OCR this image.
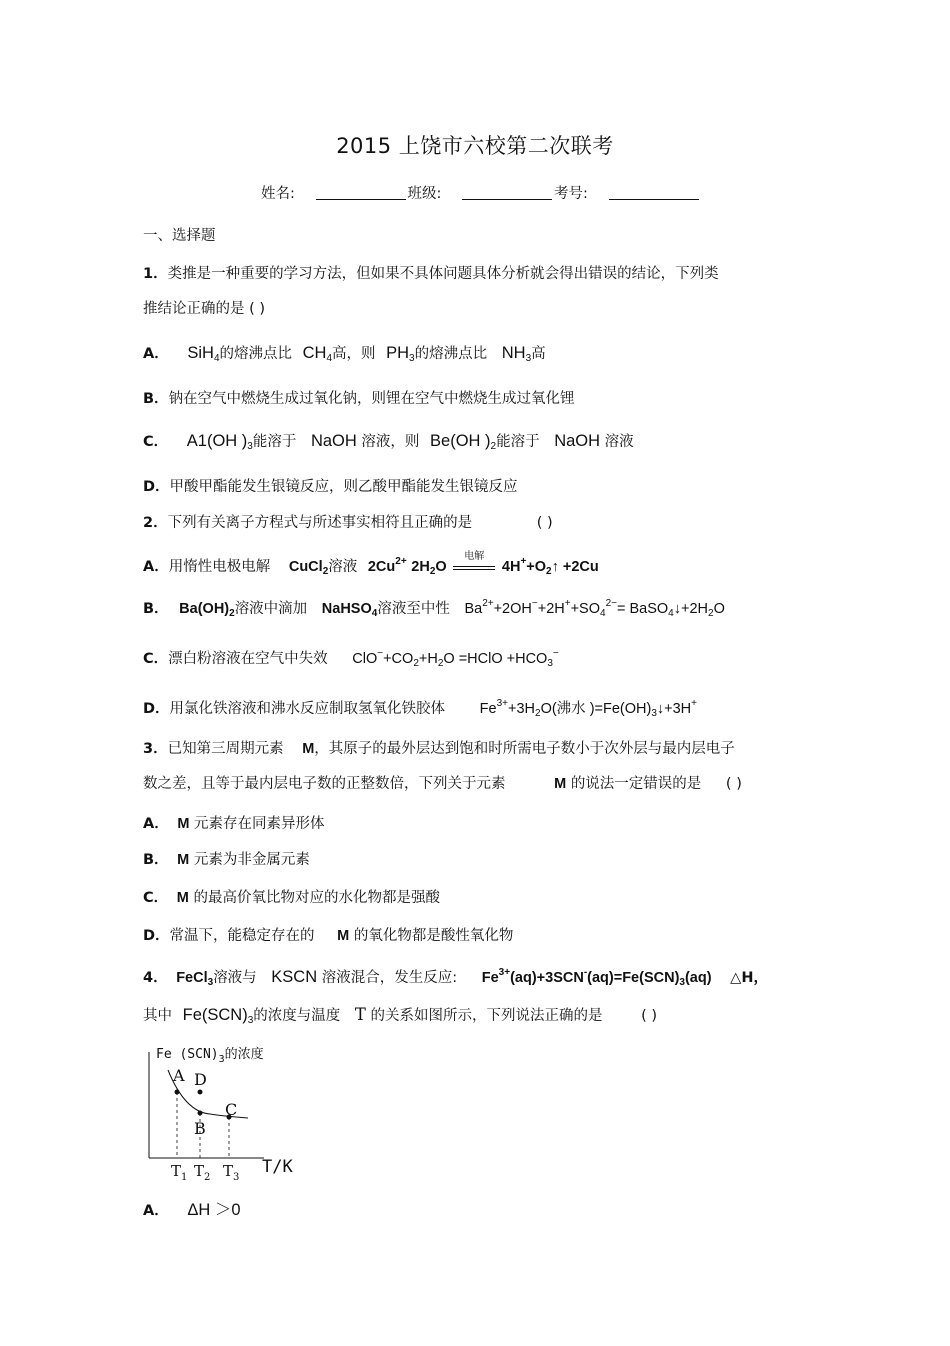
2015 上饶市六校第二次联考
姓名:	班级:	考号:
一、选择题
1．类推是一种重要的学习方法，但如果不具体问题具体分析就会得出错误的结论，下列类
推结论正确的是 ( )
A． SiH$_4$的熔沸点比 $CH_4$高，则 $PH_3$的熔沸点比 $NH_3$高
B．钠在空气中燃烧生成过氧化钠，则锂在空气中燃烧生成过氧化锂
C． A1(OH )$_3$能溶于 NaOH 溶液，则 Be(OH )$_2$能溶于 NaOH 溶液
D．甲酸甲酯能发生银镜反应，则乙酸甲酯能发生银镜反应
2．下列有关离子方程式与所述事实相符且正确的是	( )
A．用惰性电极电解 CuCl$_2$溶液 $2Cu^{2+}$ $2H_2O$
电解
$4H^++O_2↑ +2Cu$
B． $Ba(OH)_2$溶液中滴加 NaHSO$_4$溶液至中性 $Ba^{2+}+2OH^-+2H^++SO_4^{2-}=$ $BaSO_4↓+2H_2O$
C．漂白粉溶液在空气中失效 $ClO^-+CO_2+H_2O$ =HClO $+HCO_3^-$
D．用氯化铁溶液和沸水反应制取氢氧化铁胶体 $Fe^{3+}+3H_2O$(沸水 )$=Fe(OH)_3↓+3H^+$
3．已知第三周期元素 M，其原子的最外层达到饱和时所需电子数小于次外层与最内层电子
数之差，且等于最内层电子数的正整数倍，下列关于元素	M 的说法一定错误的是 ( )
A． M 元素存在同素异形体
B． M 元素为非金属元素
C． M 的最高价氧比物对应的水化物都是强酸
D．常温下，能稳定存在的 M 的氧化物都是酸性氧化物
4． FeCl$_3$溶液与 KSCN 溶液混合，发生反应: $Fe^{3+}(aq)+3SCN^-(aq)=Fe(SCN)_3(aq)$ △H，
其中 $Fe(SCN)_3$的浓度与温度 T 的关系如图所示，下列说法正确的是	( )
Fe $(SCN)_3$的浓度
A
B
C
D
$T_1$ $T_2$ $T_3$
T/K
A． ΔH ＞0
